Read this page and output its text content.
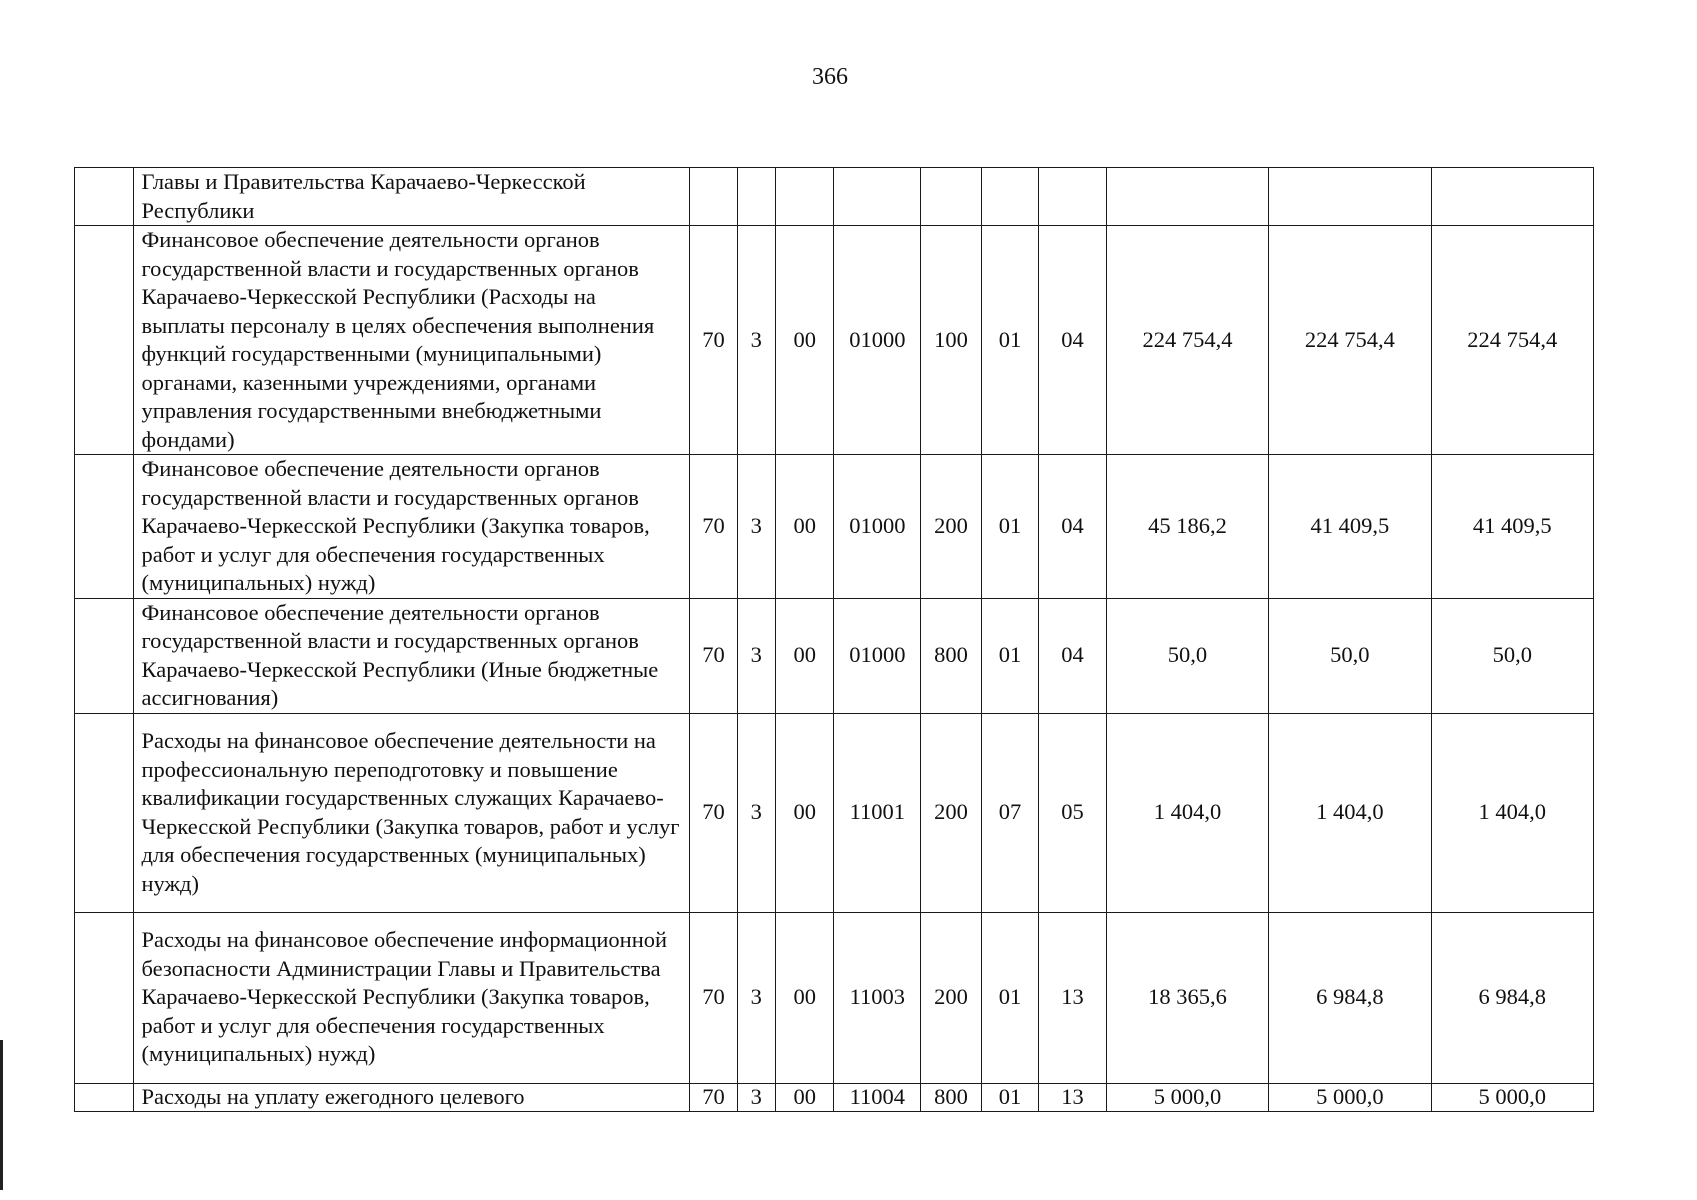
366
	Главы и Правительства Карачаево-Черкесской Республики										
	Финансовое обеспечение деятельности органов государственной власти и государственных органов Карачаево-Черкесской Республики (Расходы на выплаты персоналу в целях обеспечения выполнения функций государственными (муниципальными) органами, казенными учреждениями, органами управления государственными внебюджетными фондами)	70	3	00	01000	100	01	04	224 754,4	224 754,4	224 754,4
	Финансовое обеспечение деятельности органов государственной власти и государственных органов Карачаево-Черкесской Республики (Закупка товаров, работ и услуг для обеспечения государственных (муниципальных) нужд)	70	3	00	01000	200	01	04	45 186,2	41 409,5	41 409,5
	Финансовое обеспечение деятельности органов государственной власти и государственных органов Карачаево-Черкесской Республики (Иные бюджетные ассигнования)	70	3	00	01000	800	01	04	50,0	50,0	50,0
	Расходы на финансовое обеспечение деятельности на профессиональную переподготовку и повышение квалификации государственных служащих Карачаево-Черкесской Республики (Закупка товаров, работ и услуг для обеспечения государственных (муниципальных) нужд)	70	3	00	11001	200	07	05	1 404,0	1 404,0	1 404,0
	Расходы на финансовое обеспечение информационной безопасности Администрации Главы и Правительства Карачаево-Черкесской Республики (Закупка товаров, работ и услуг для обеспечения государственных (муниципальных) нужд)	70	3	00	11003	200	01	13	18 365,6	6 984,8	6 984,8
	Расходы на уплату ежегодного целевого	70	3	00	11004	800	01	13	5 000,0	5 000,0	5 000,0
